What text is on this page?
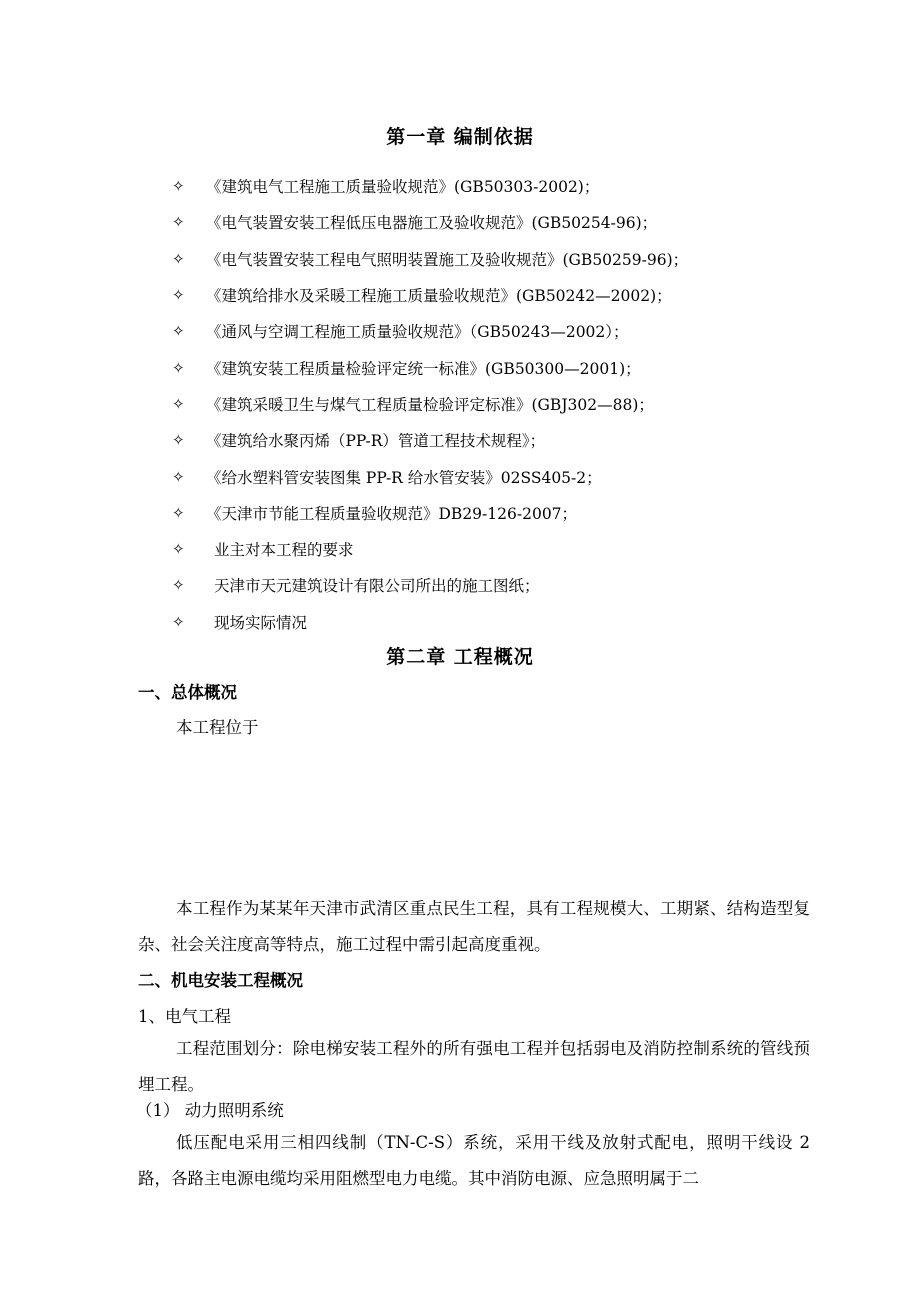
第一章 编制依据
✧	《建筑电气工程施工质量验收规范》(GB50303-2002)；
✧	《电气装置安装工程低压电器施工及验收规范》(GB50254-96)；
✧	《电气装置安装工程电气照明装置施工及验收规范》(GB50259-96)；
✧	《建筑给排水及采暖工程施工质量验收规范》(GB50242—2002)；
✧	《通风与空调工程施工质量验收规范》（GB50243—2002）；
✧	《建筑安装工程质量检验评定统一标准》(GB50300—2001)；
✧	《建筑采暖卫生与煤气工程质量检验评定标准》(GBJ302—88)；
✧	《建筑给水聚丙烯（PP-R）管道工程技术规程》；
✧	《给水塑料管安装图集 PP-R 给水管安装》02SS405-2；
✧	《天津市节能工程质量验收规范》DB29-126-2007；
✧	业主对本工程的要求
✧	天津市天元建筑设计有限公司所出的施工图纸；
✧	现场实际情况
第二章 工程概况
一、总体概况

本工程位于

本工程作为某某年天津市武清区重点民生工程，具有工程规模大、工期紧、结构造型复杂、社会关注度高等特点，施工过程中需引起高度重视。

二、机电安装工程概况
1、电气工程

工程范围划分：除电梯安装工程外的所有强电工程并包括弱电及消防控制系统的管线预埋工程。

（1） 动力照明系统

低压配电采用三相四线制（TN-C-S）系统，采用干线及放射式配电，照明干线设 2 路，各路主电源电缆均采用阻燃型电力电缆。其中消防电源、应急照明属于二
